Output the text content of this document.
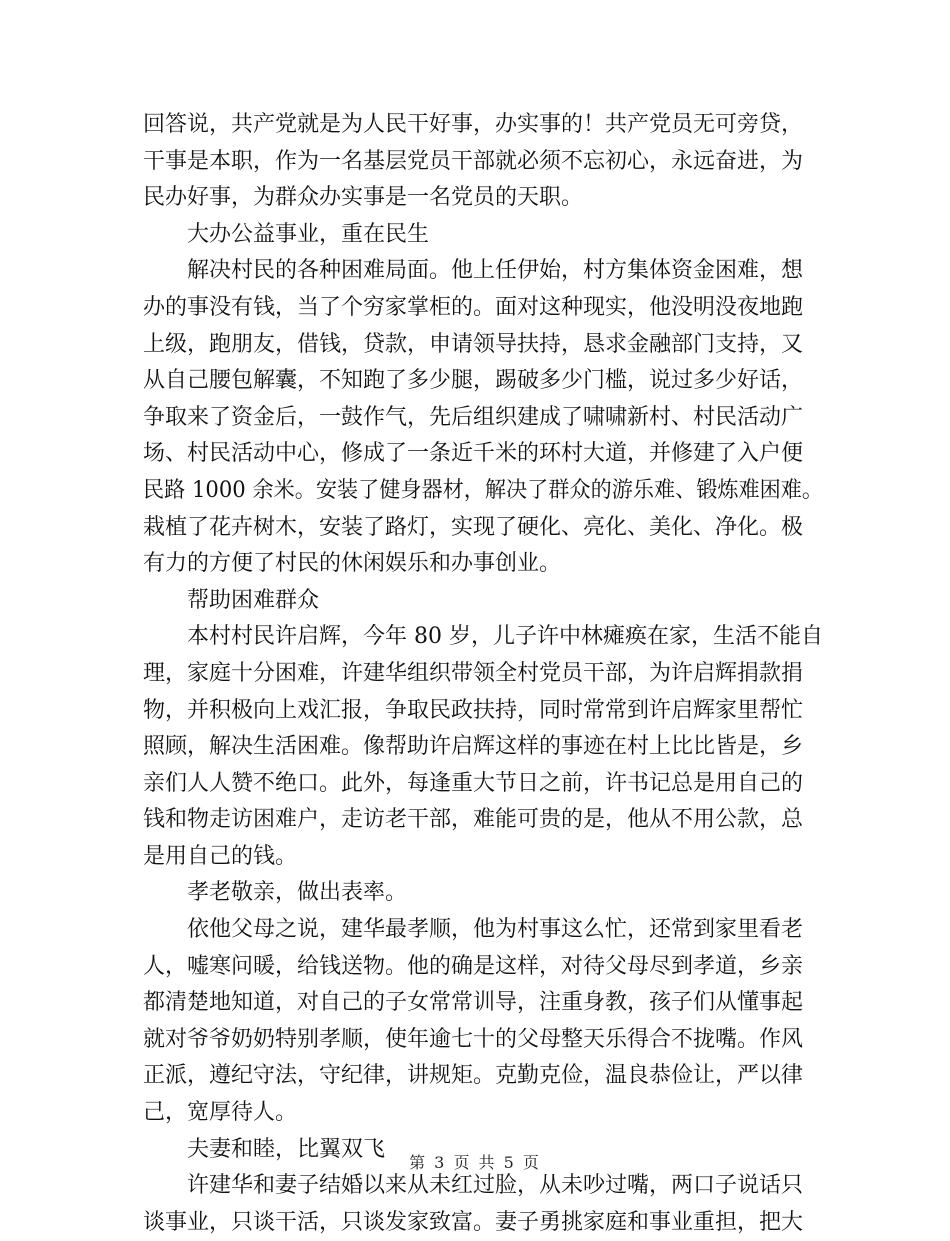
回答说，共产党就是为人民干好事，办实事的！共产党员无可旁贷，
干事是本职，作为一名基层党员干部就必须不忘初心，永远奋进，为
民办好事，为群众办实事是一名党员的天职。
大办公益事业，重在民生
解决村民的各种困难局面。他上任伊始，村方集体资金困难，想
办的事没有钱，当了个穷家掌柜的。面对这种现实，他没明没夜地跑
上级，跑朋友，借钱，贷款，申请领导扶持，恳求金融部门支持，又
从自己腰包解囊，不知跑了多少腿，踢破多少门槛，说过多少好话，
争取来了资金后，一鼓作气，先后组织建成了啸啸新村、村民活动广
场、村民活动中心，修成了一条近千米的环村大道，并修建了入户便
民路 1000 余米。安装了健身器材，解决了群众的游乐难、锻炼难困难。
栽植了花卉树木，安装了路灯，实现了硬化、亮化、美化、净化。极
有力的方便了村民的休闲娱乐和办事创业。
帮助困难群众
本村村民许启辉，今年 80 岁，儿子许中林瘫痪在家，生活不能自
理，家庭十分困难，许建华组织带领全村党员干部，为许启辉捐款捐
物，并积极向上戏汇报，争取民政扶持，同时常常到许启辉家里帮忙
照顾，解决生活困难。像帮助许启辉这样的事迹在村上比比皆是，乡
亲们人人赞不绝口。此外，每逢重大节日之前，许书记总是用自己的
钱和物走访困难户，走访老干部，难能可贵的是，他从不用公款，总
是用自己的钱。
孝老敬亲，做出表率。
依他父母之说，建华最孝顺，他为村事这么忙，还常到家里看老
人，嘘寒问暖，给钱送物。他的确是这样，对待父母尽到孝道，乡亲
都清楚地知道，对自己的子女常常训导，注重身教，孩子们从懂事起
就对爷爷奶奶特别孝顺，使年逾七十的父母整天乐得合不拢嘴。作风
正派，遵纪守法，守纪律，讲规矩。克勤克俭，温良恭俭让，严以律
己，宽厚待人。
夫妻和睦，比翼双飞
许建华和妻子结婚以来从未红过脸，从未吵过嘴，两口子说话只
谈事业，只谈干活，只谈发家致富。妻子勇挑家庭和事业重担，把大
第 3 页 共 5 页
